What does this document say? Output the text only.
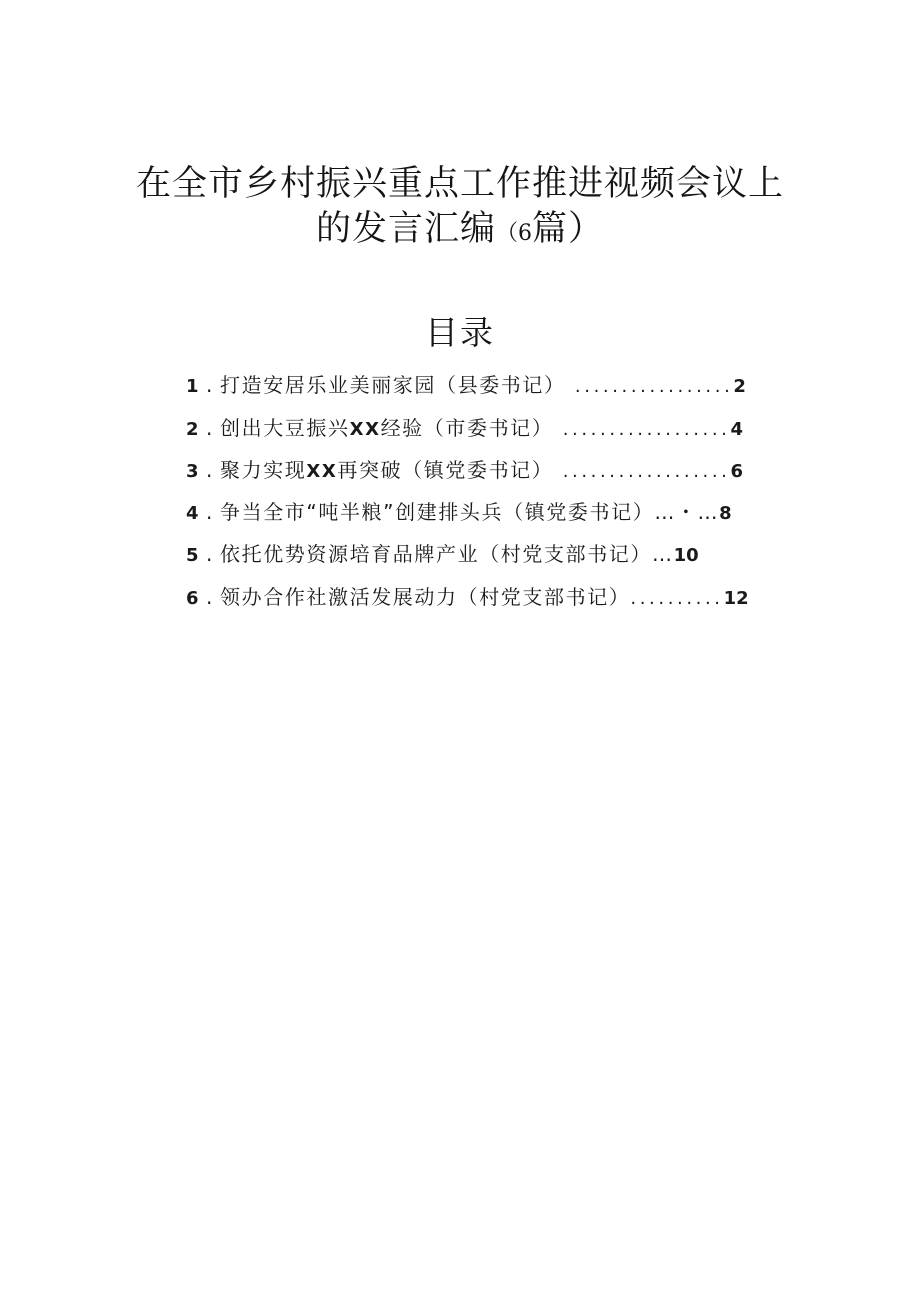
在全市乡村振兴重点工作推进视频会议上
的发言汇编（6篇）
目录
1 . 打造安居乐业美丽家园（县委书记） .................2
2 . 创出大豆振兴XX经验（市委书记） ..................4
3 . 聚力实现XX再突破（镇党委书记） ..................6
4 . 争当全市“吨半粮”创建排头兵（镇党委书记）…・…8
5 . 依托优势资源培育品牌产业（村党支部书记）…10
6 . 领办合作社激活发展动力（村党支部书记）..........12
